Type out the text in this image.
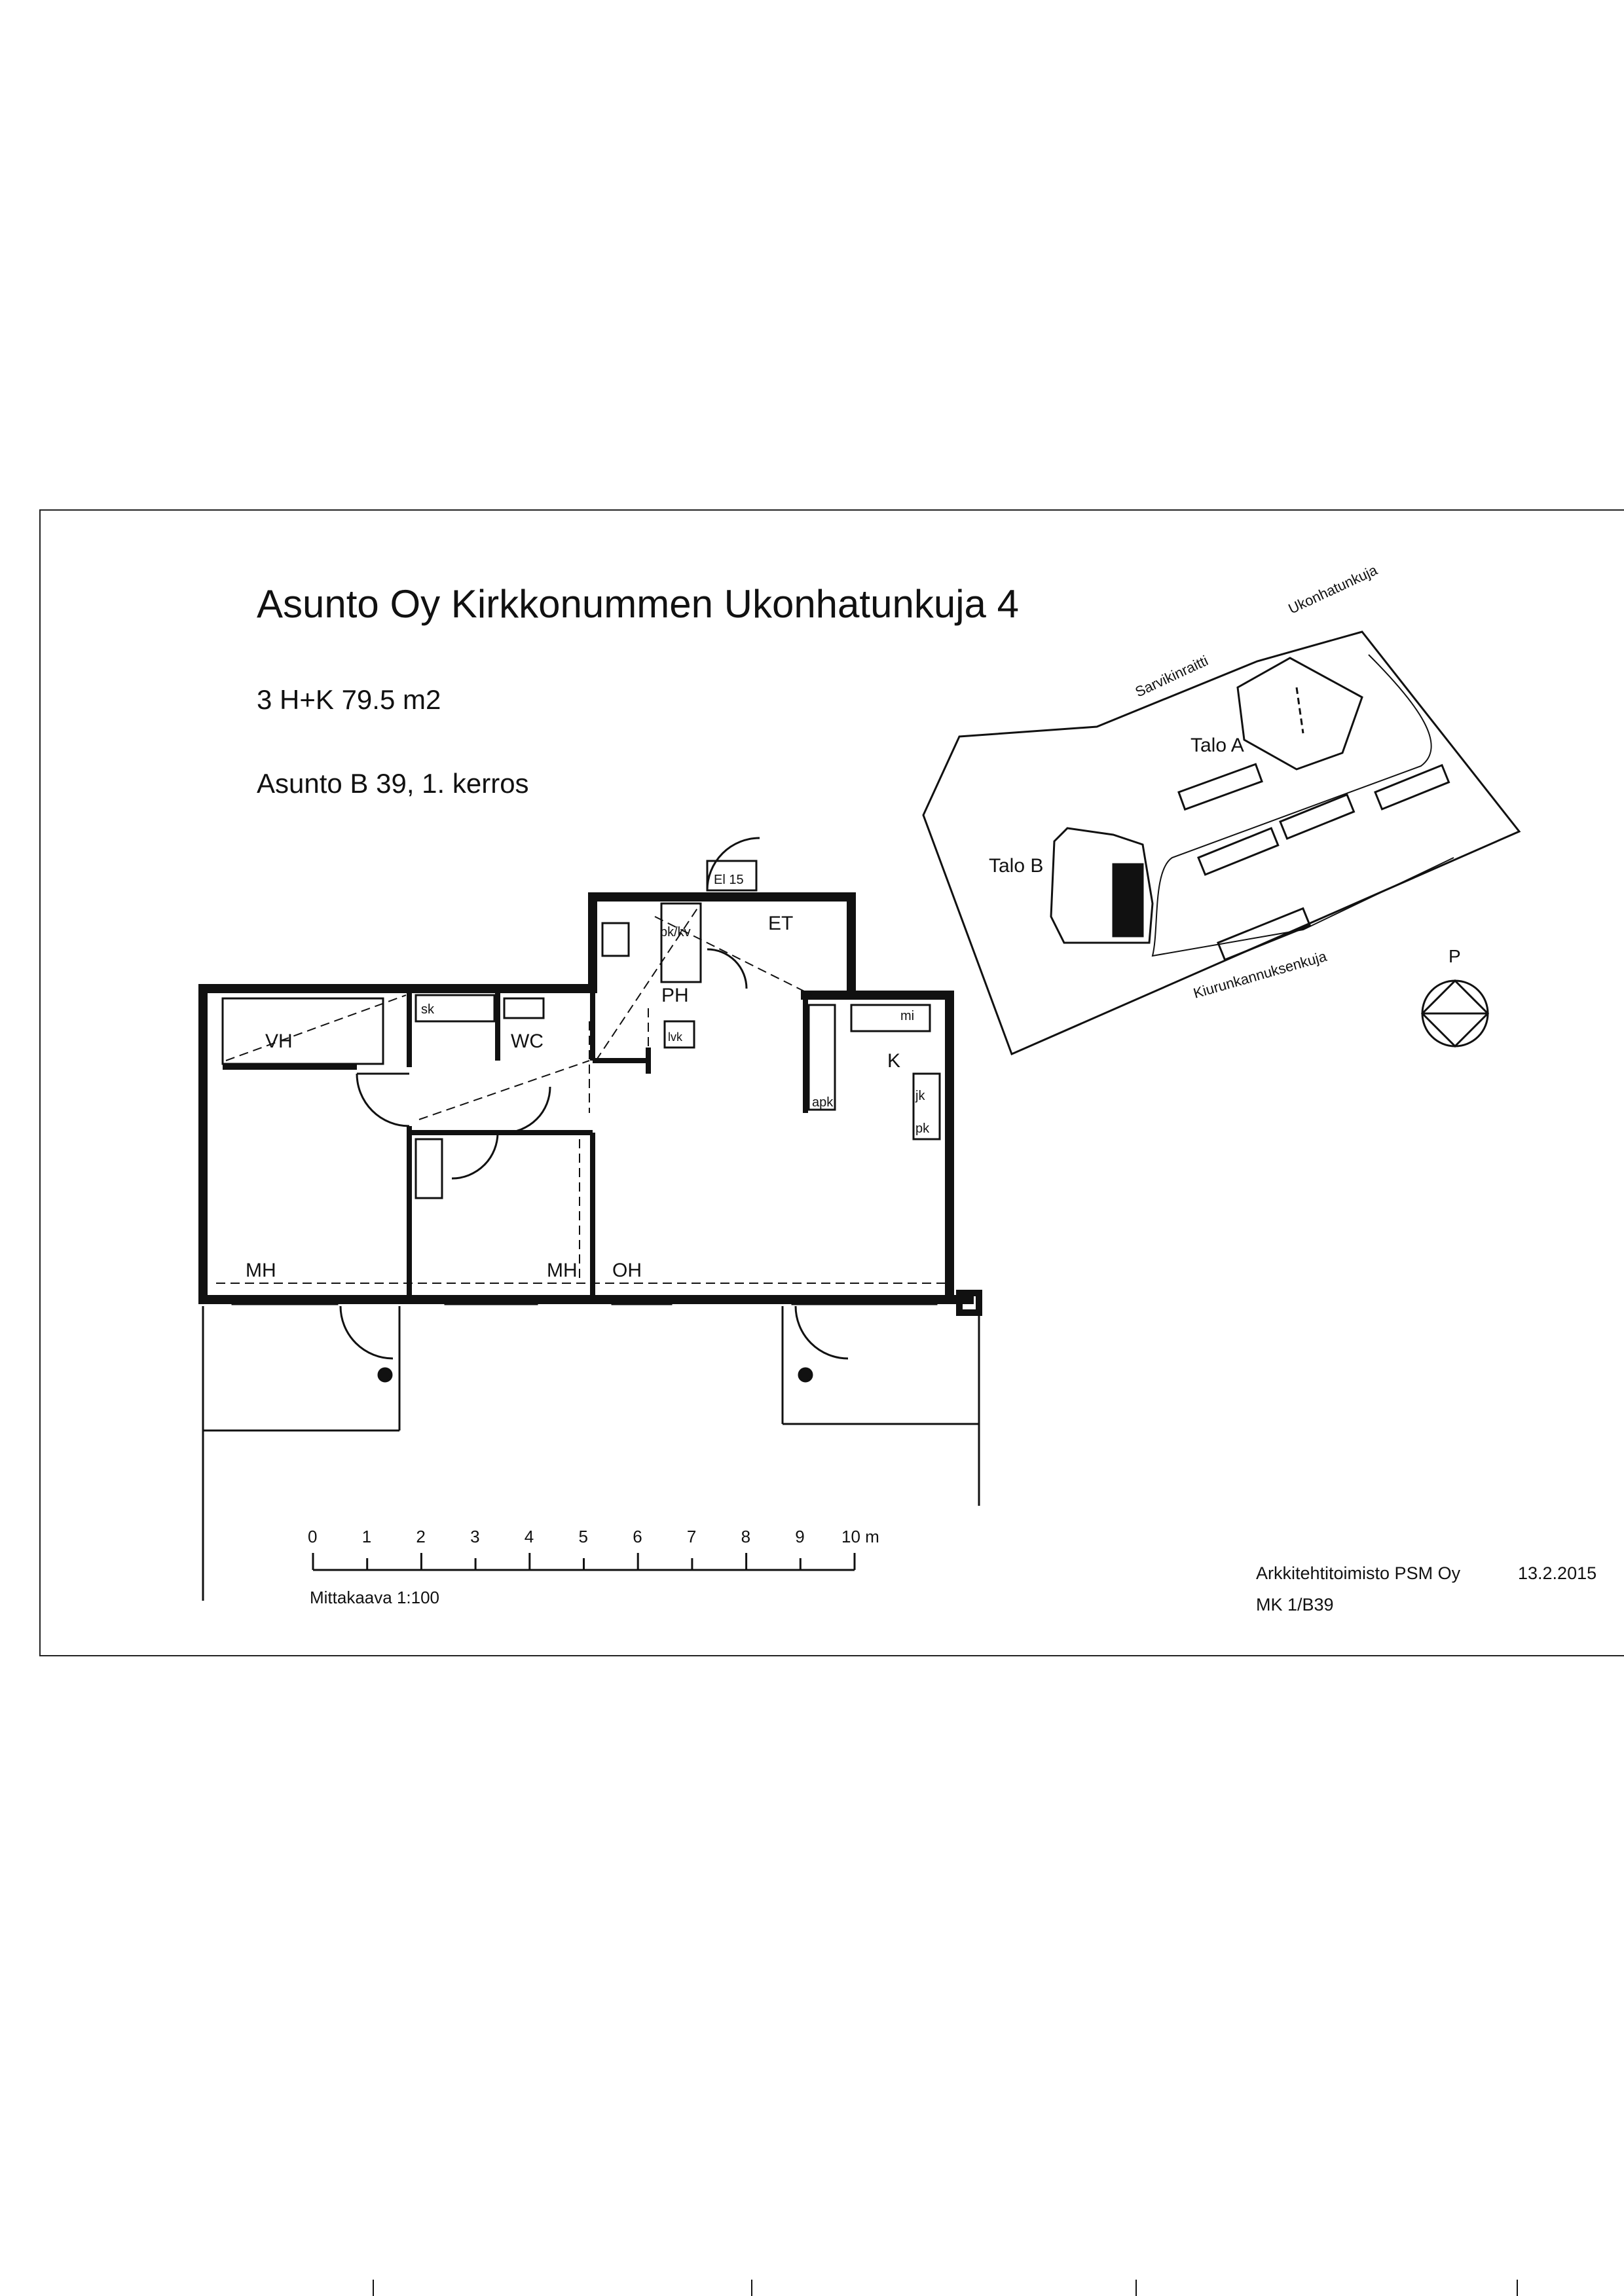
Asunto Oy Kirkkonummen Ukonhatunkuja 4
3 H+K 79.5 m2
Asunto B 39, 1. kerros
MH	MH OH
VH	WC
PH
ET
K
sk
El 15
pk/kv
lvk
mi
apk	jk
pk
Ukonhatunkuja
Sarvikinraitti
Kiurunkannuksenkuja
Talo A
Talo B
P
0	1	2	3	4	5	6	7	8	9 10 m
Mittakaava 1:100
Arkkitehtitoimisto PSM Oy	13.2.2015
MK 1/B39
